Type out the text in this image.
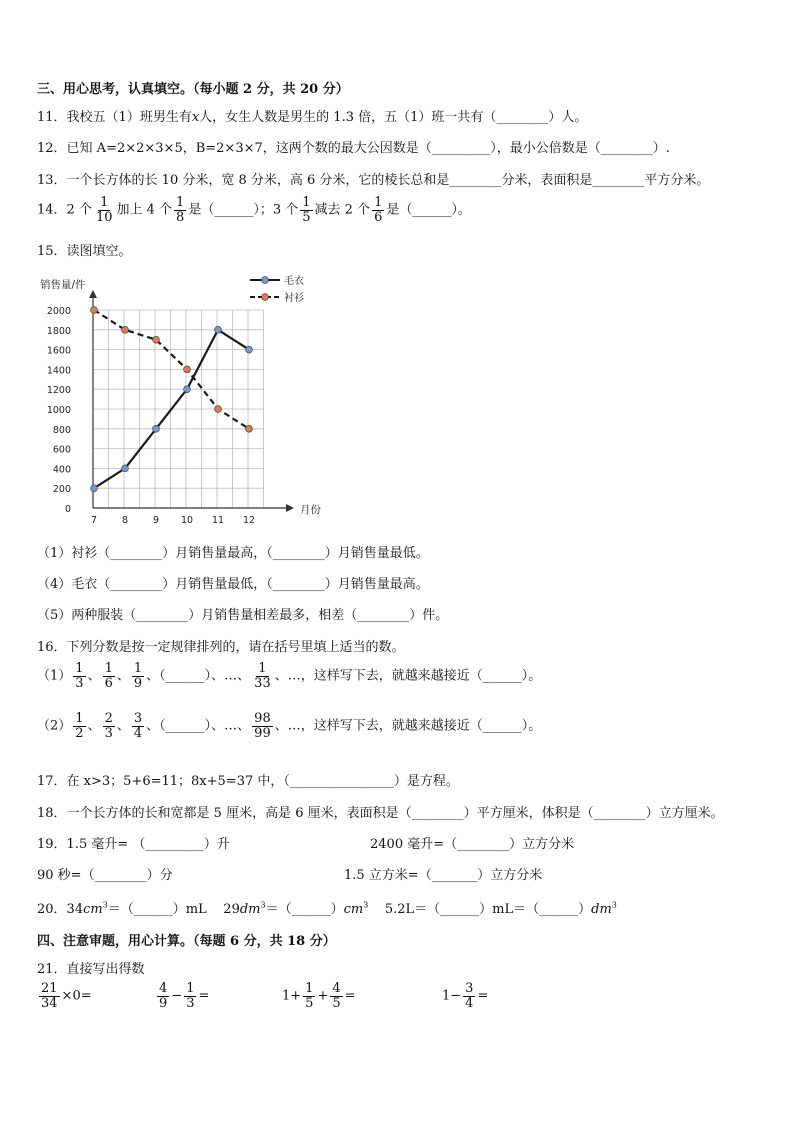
三、用心思考，认真填空。（每小题 2 分，共 20 分）
11．我校五（1）班男生有x人，女生人数是男生的 1.3 倍，五（1）班一共有（________）人。
12．已知 A=2×2×3×5，B=2×3×7，这两个数的最大公因数是（_________），最小公倍数是（________）.
13．一个长方体的长 10 分米，宽 8 分米，高 6 分米，它的棱长总和是________分米，表面积是________平方分米。
14．2 个 $\frac{1}{10}$ 加上 4 个 $\frac{1}{8}$ 是（______）；3 个 $\frac{1}{5}$ 减去 2 个 $\frac{1}{6}$ 是（______）。
15．读图填空。
0
200
400
600
800
1000
1200
1400
1600
1800
2000
7	8	9 10 11 12
销售量/件
月份
毛衣
衬衫
（1）衬衫（________）月销售量最高，（________）月销售量最低。
（4）毛衣（________）月销售量最低，（________）月销售量最高。
（5）两种服装（________）月销售量相差最多，相差（________）件。
16．下列分数是按一定规律排列的，请在括号里填上适当的数。
$(1) \frac{1}{3}$ 、 $\frac{1}{6}$ 、 $\frac{1}{9}$ 、（______）、…、 $\frac{1}{33}$ 、…，这样写下去，就越来越接近（______）。
$(2) \frac{1}{2}$ 、 $\frac{2}{3}$ 、 $\frac{3}{4}$ 、（______）、…、 $\frac{98}{99}$ 、…，这样写下去，就越来越接近（______）。
17．在 x>3；5+6=11；8x+5=37 中，（________________）是方程。
18．一个长方体的长和宽都是 5 厘米，高是 6 厘米，表面积是（________）平方厘米，体积是（________）立方厘米。
19．1.5 毫升= （_________）升	2400 毫升=（________）立方分米
90 秒=（________）分	1.5 立方米=（_______）立方分米
20．$34cm^3=(\_\_\_\_\_\_)mL$ $29dm^3=(\_\_\_\_\_\_)cm^3$ $5.2L=(\_\_\_\_\_\_)mL=(\_\_\_\_\_\_)dm^3$
四、注意审题，用心计算。（每题 6 分，共 18 分）
21．直接写出得数
$\frac{21}{34} \times 0=$	$\frac{4}{9} - \frac{1}{3}$ =	$1+ \frac{1}{5} + \frac{4}{5}$ =	$1- \frac{3}{4}$ =
